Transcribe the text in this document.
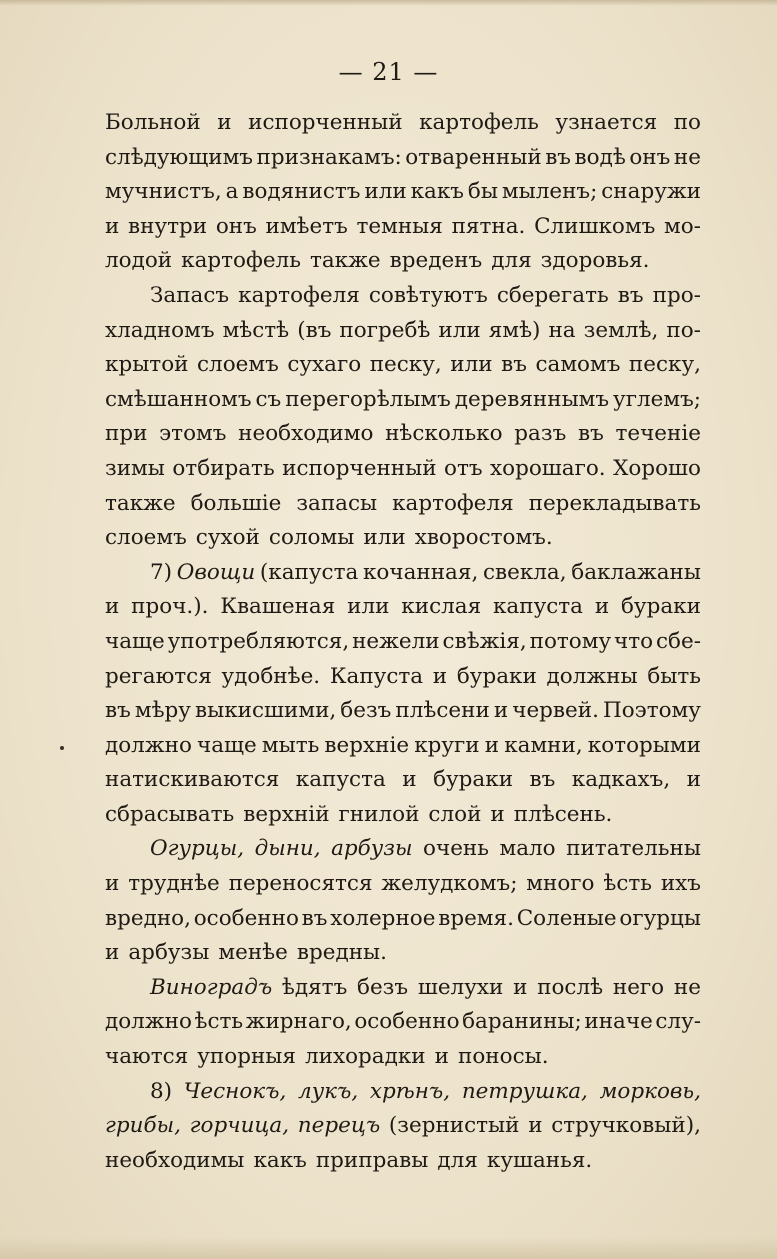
— 21 —
Больной и испорченный картофель узнается по
слѣдующимъ признакамъ: отваренный въ водѣ онъ не
мучнистъ, а водянистъ или какъ бы мыленъ; снаружи
и внутри онъ имѣетъ темныя пятна. Слишкомъ мо-
лодой картофель также вреденъ для здоровья.
Запасъ картофеля совѣтуютъ сберегать въ про-
хладномъ мѣстѣ (въ погребѣ или ямѣ) на землѣ, по-
крытой слоемъ сухаго песку, или въ самомъ песку,
смѣшанномъ съ перегорѣлымъ деревяннымъ углемъ;
при этомъ необходимо нѣсколько разъ въ теченіе
зимы отбирать испорченный отъ хорошаго. Хорошо
также большіе запасы картофеля перекладывать
слоемъ сухой соломы или хворостомъ.
7) Овощи (капуста кочанная, свекла, баклажаны
и проч.). Квашеная или кислая капуста и бураки
чаще употребляются, нежели свѣжія, потому что сбе-
регаются удобнѣе. Капуста и бураки должны быть
въ мѣру выкисшими, безъ плѣсени и червей. Поэтому
должно чаще мыть верхніе круги и камни, которыми
натискиваются капуста и бураки въ кадкахъ, и
сбрасывать верхній гнилой слой и плѣсень.
Огурцы, дыни, арбузы очень мало питательны
и труднѣе переносятся желудкомъ; много ѣсть ихъ
вредно, особенно въ холерное время. Соленые огурцы
и арбузы менѣе вредны.
Виноградъ ѣдятъ безъ шелухи и послѣ него не
должно ѣсть жирнаго, особенно баранины; иначе слу-
чаются упорныя лихорадки и поносы.
8) Чеснокъ, лукъ, хрѣнъ, петрушка, морковь,
грибы, горчица, перецъ (зернистый и стручковый),
необходимы какъ приправы для кушанья.
